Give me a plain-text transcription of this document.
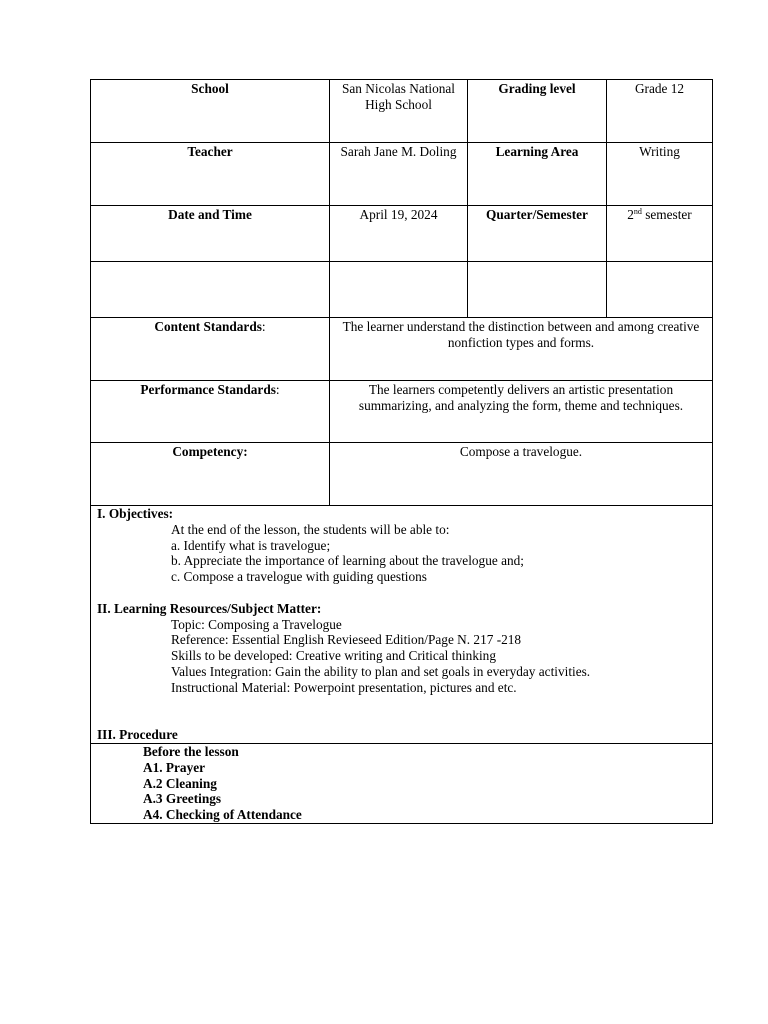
School	San Nicolas National High School	Grading level	Grade 12
Teacher	Sarah Jane M. Doling	Learning Area	Writing
Date and Time	April 19, 2024	Quarter/Semester	2nd semester

Content Standards:	The learner understand the distinction between and among creative nonfiction types and forms.		
Performance Standards:	The learners competently delivers an artistic presentation summarizing, and analyzing the form, theme and techniques.		
Competency:	Compose a travelogue.		
I. Objectives:
At the end of the lesson, the students will be able to:
a. Identify what is travelogue;
b. Appreciate the importance of learning about the travelogue and;
c. Compose a travelogue with guiding questions
II. Learning Resources/Subject Matter:
Topic: Composing a Travelogue
Reference: Essential English Revieseed Edition/Page N. 217 -218
Skills to be developed: Creative writing and Critical thinking
Values Integration: Gain the ability to plan and set goals in everyday activities.
Instructional Material: Powerpoint presentation, pictures and etc.
III. Procedure
Before the lesson
A1. Prayer
A.2 Cleaning
A.3 Greetings
A4. Checking of Attendance
